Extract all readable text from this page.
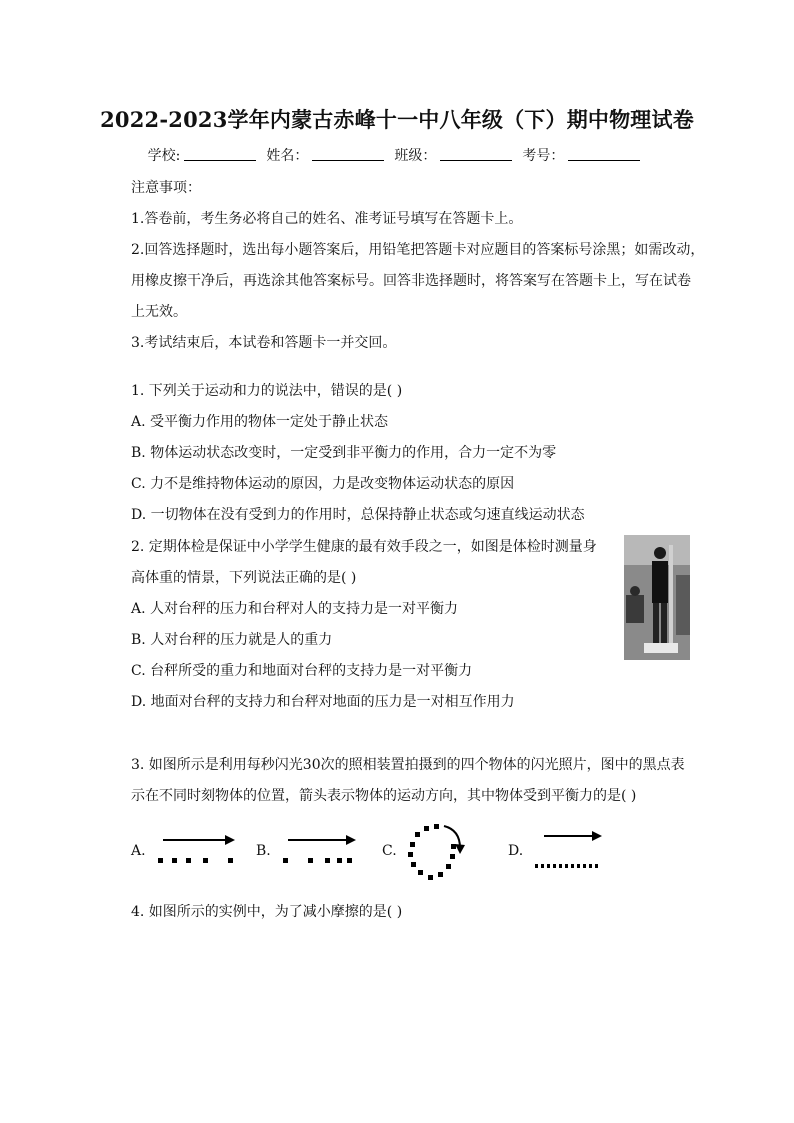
2022-2023学年内蒙古赤峰十一中八年级（下）期中物理试卷
学校:	姓名：	班级：	考号：
注意事项：
1.答卷前，考生务必将自己的姓名、准考证号填写在答题卡上。
2.回答选择题时，选出每小题答案后，用铅笔把答题卡对应题目的答案标号涂黑；如需改动，
用橡皮擦干净后，再选涂其他答案标号。回答非选择题时，将答案写在答题卡上，写在试卷
上无效。
3.考试结束后，本试卷和答题卡一并交回。
1. 下列关于运动和力的说法中，错误的是( )
A. 受平衡力作用的物体一定处于静止状态
B. 物体运动状态改变时，一定受到非平衡力的作用，合力一定不为零
C. 力不是维持物体运动的原因，力是改变物体运动状态的原因
D. 一切物体在没有受到力的作用时，总保持静止状态或匀速直线运动状态
2. 定期体检是保证中小学学生健康的最有效手段之一，如图是体检时测量身
高体重的情景，下列说法正确的是( )
A. 人对台秤的压力和台秤对人的支持力是一对平衡力
B. 人对台秤的压力就是人的重力
C. 台秤所受的重力和地面对台秤的支持力是一对平衡力
D. 地面对台秤的支持力和台秤对地面的压力是一对相互作用力
3. 如图所示是利用每秒闪光30次的照相装置拍摄到的四个物体的闪光照片，图中的黑点表
示在不同时刻物体的位置，箭头表示物体的运动方向，其中物体受到平衡力的是( )
A.	B.	C.	D.
4. 如图所示的实例中，为了减小摩擦的是( )
